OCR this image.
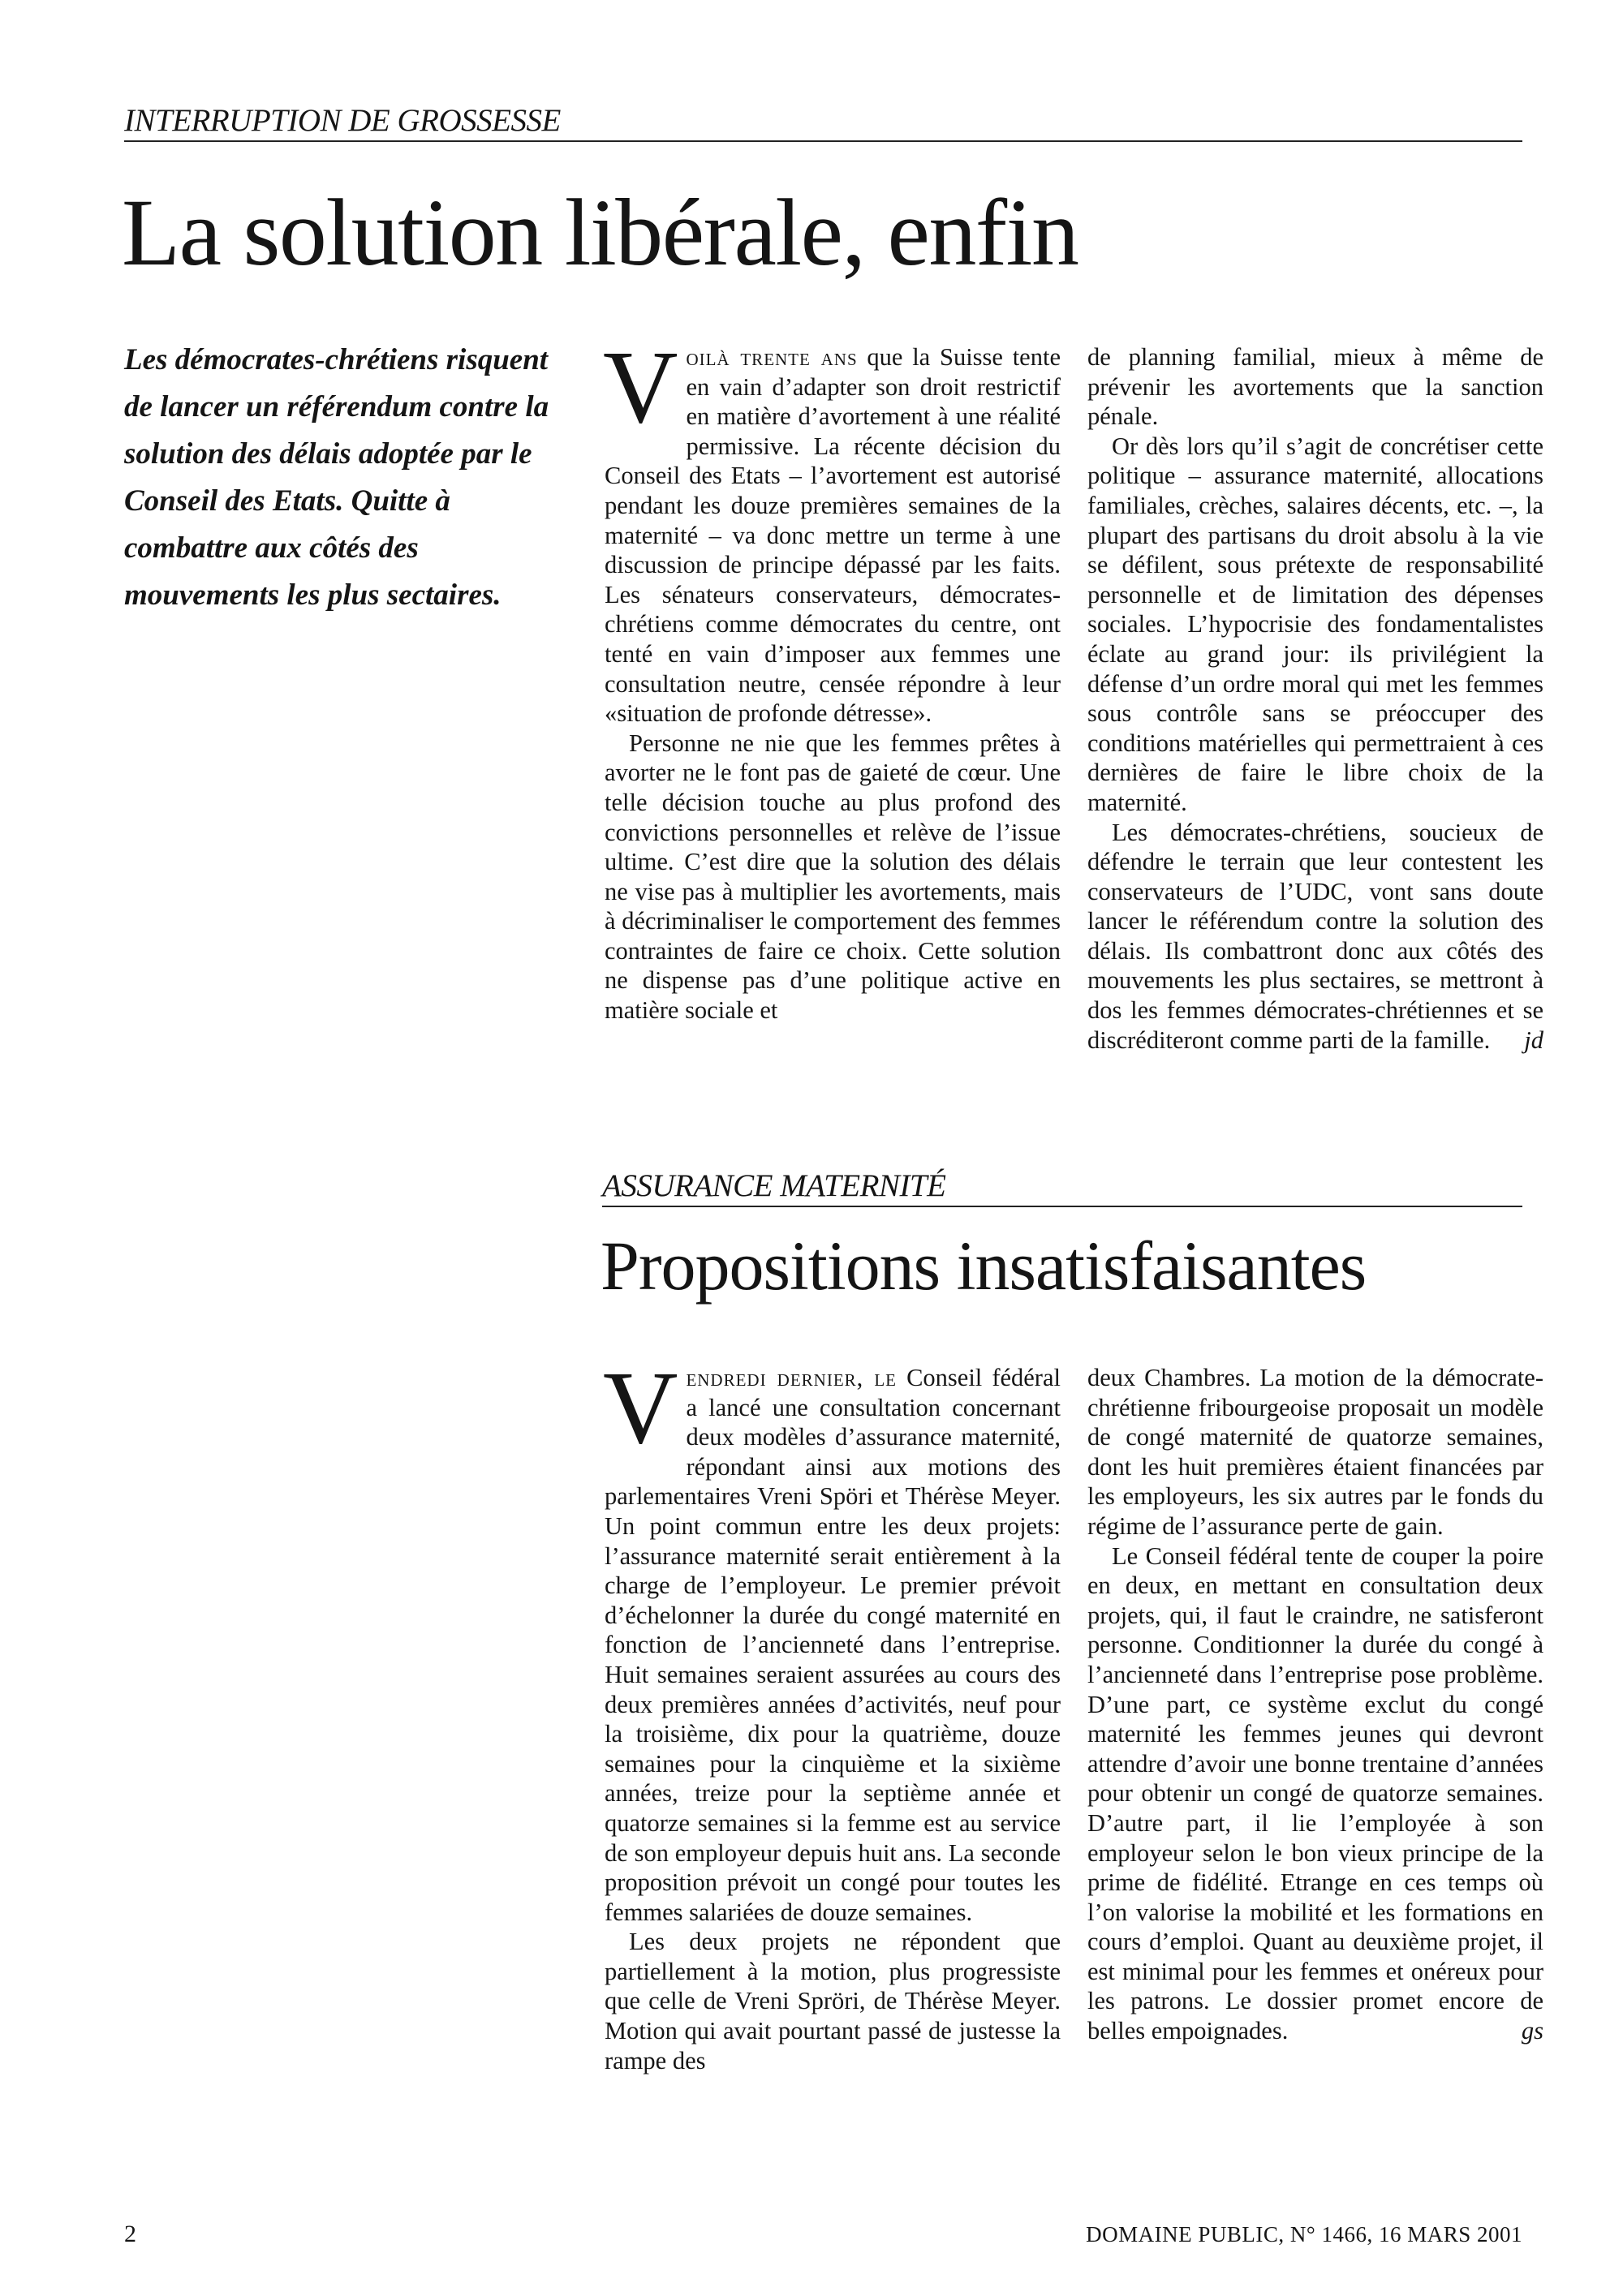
INTERRUPTION DE GROSSESSE
La solution libérale, enfin

Les démocrates-chrétiens risquent de lancer un référendum contre la solution des délais adoptée par le Conseil des Etats. Quitte à combattre aux côtés des mouvements les plus sectaires.

Voilà trente ans que la Suisse tente en vain d’adapter son droit restrictif en matière d’avortement à une réalité permissive. La récente décision du Conseil des Etats – l’avortement est autorisé pendant les douze premières semaines de la maternité – va donc mettre un terme à une discussion de principe dépassé par les faits. Les sénateurs conservateurs, démocrates-chrétiens comme démocrates du centre, ont tenté en vain d’imposer aux femmes une consultation neutre, censée répondre à leur «situation de profonde détresse».

Personne ne nie que les femmes prêtes à avorter ne le font pas de gaieté de cœur. Une telle décision touche au plus profond des convictions personnelles et relève de l’issue ultime. C’est dire que la solution des délais ne vise pas à multiplier les avortements, mais à décriminaliser le comportement des femmes contraintes de faire ce choix. Cette solution ne dispense pas d’une politique active en matière sociale et

de planning familial, mieux à même de prévenir les avortements que la sanction pénale.

Or dès lors qu’il s’agit de concrétiser cette politique – assurance maternité, allocations familiales, crèches, salaires décents, etc. –, la plupart des partisans du droit absolu à la vie se défilent, sous prétexte de responsabilité personnelle et de limitation des dépenses sociales. L’hypocrisie des fondamentalistes éclate au grand jour: ils privilégient la défense d’un ordre moral qui met les femmes sous contrôle sans se préoccuper des conditions matérielles qui permettraient à ces dernières de faire le libre choix de la maternité.

Les démocrates-chrétiens, soucieux de défendre le terrain que leur contestent les conservateurs de l’UDC, vont sans doute lancer le référendum contre la solution des délais. Ils combattront donc aux côtés des mouvements les plus sectaires, se mettront à dos les femmes démocrates-chrétiennes et se discréditeront comme parti de la famille.	jd

ASSURANCE MATERNITÉ
Propositions insatisfaisantes

Vendredi dernier, le Conseil fédéral a lancé une consultation concernant deux modèles d’assurance maternité, répondant ainsi aux motions des parlementaires Vreni Spöri et Thérèse Meyer. Un point commun entre les deux projets: l’assurance maternité serait entièrement à la charge de l’employeur. Le premier prévoit d’échelonner la durée du congé maternité en fonction de l’ancienneté dans l’entreprise. Huit semaines seraient assurées au cours des deux premières années d’activités, neuf pour la troisième, dix pour la quatrième, douze semaines pour la cinquième et la sixième années, treize pour la septième année et quatorze semaines si la femme est au service de son employeur depuis huit ans. La seconde proposition prévoit un congé pour toutes les femmes salariées de douze semaines.

Les deux projets ne répondent que partiellement à la motion, plus progressiste que celle de Vreni Spröri, de Thérèse Meyer. Motion qui avait pourtant passé de justesse la rampe des

deux Chambres. La motion de la démocrate-chrétienne fribourgeoise proposait un modèle de congé maternité de quatorze semaines, dont les huit premières étaient financées par les employeurs, les six autres par le fonds du régime de l’assurance perte de gain.

Le Conseil fédéral tente de couper la poire en deux, en mettant en consultation deux projets, qui, il faut le craindre, ne satisferont personne. Conditionner la durée du congé à l’ancienneté dans l’entreprise pose problème. D’une part, ce système exclut du congé maternité les femmes jeunes qui devront attendre d’avoir une bonne trentaine d’années pour obtenir un congé de quatorze semaines. D’autre part, il lie l’employée à son employeur selon le bon vieux principe de la prime de fidélité. Etrange en ces temps où l’on valorise la mobilité et les formations en cours d’emploi. Quant au deuxième projet, il est minimal pour les femmes et onéreux pour les patrons. Le dossier promet encore de belles empoignades.	gs

2	DOMAINE PUBLIC, N° 1466, 16 MARS 2001
